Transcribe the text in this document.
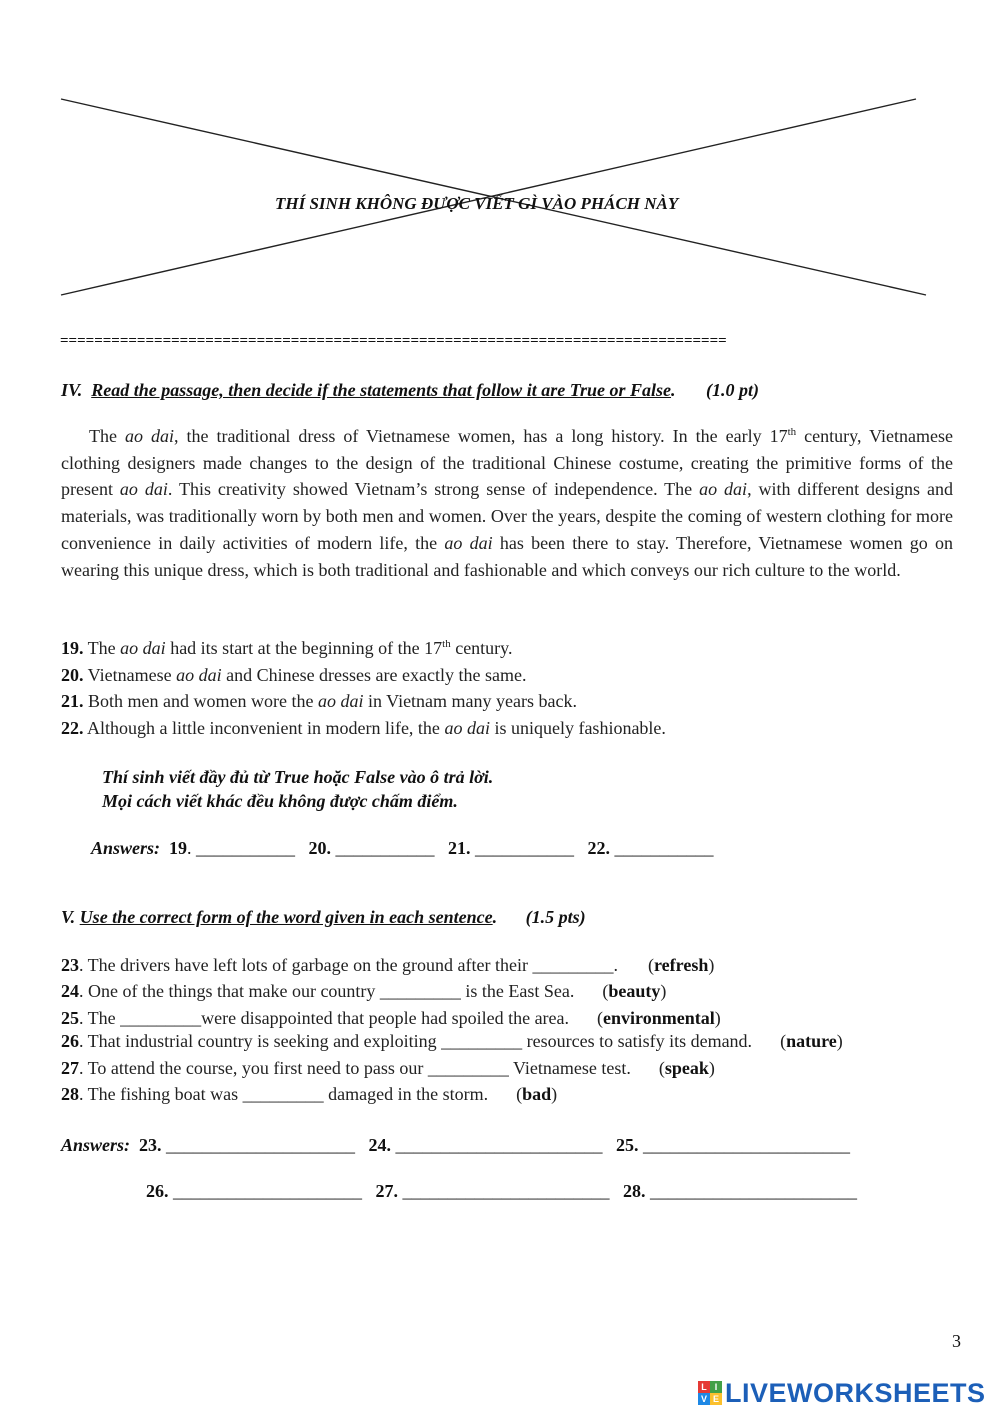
THÍ SINH KHÔNG ĐƯỢC VIẾT GÌ VÀO PHÁCH NÀY
==============================================================================
IV. Read the passage, then decide if the statements that follow it are True or False. (1.0 pt)
The ao dai, the traditional dress of Vietnamese women, has a long history. In the early 17th century, Vietnamese clothing designers made changes to the design of the traditional Chinese costume, creating the primitive forms of the present ao dai. This creativity showed Vietnam’s strong sense of independence. The ao dai, with different designs and materials, was traditionally worn by both men and women. Over the years, despite the coming of western clothing for more convenience in daily activities of modern life, the ao dai has been there to stay. Therefore, Vietnamese women go on wearing this unique dress, which is both traditional and fashionable and which conveys our rich culture to the world.
19. The ao dai had its start at the beginning of the 17th century.
20. Vietnamese ao dai and Chinese dresses are exactly the same.
21. Both men and women wore the ao dai in Vietnam many years back.
22. Although a little inconvenient in modern life, the ao dai is uniquely fashionable.
Thí sinh viết đầy đủ từ True hoặc False vào ô trả lời.
Mọi cách viết khác đều không được chấm điểm.
Answers: 19. ___________ 20. ___________ 21. ___________ 22. ___________
V. Use the correct form of the word given in each sentence. (1.5 pts)
23. The drivers have left lots of garbage on the ground after their _________. (refresh)
24. One of the things that make our country _________ is the East Sea. (beauty)
25. The _________were disappointed that people had spoiled the area. (environmental)
26. That industrial country is seeking and exploiting _________ resources to satisfy its demand. (nature)
27. To attend the course, you first need to pass our _________ Vietnamese test. (speak)
28. The fishing boat was _________ damaged in the storm. (bad)
Answers: 23. _____________________ 24. _______________________ 25. _______________________
26. _____________________ 27. _______________________ 28. _______________________
3
L I
V E LIVEWORKSHEETS
